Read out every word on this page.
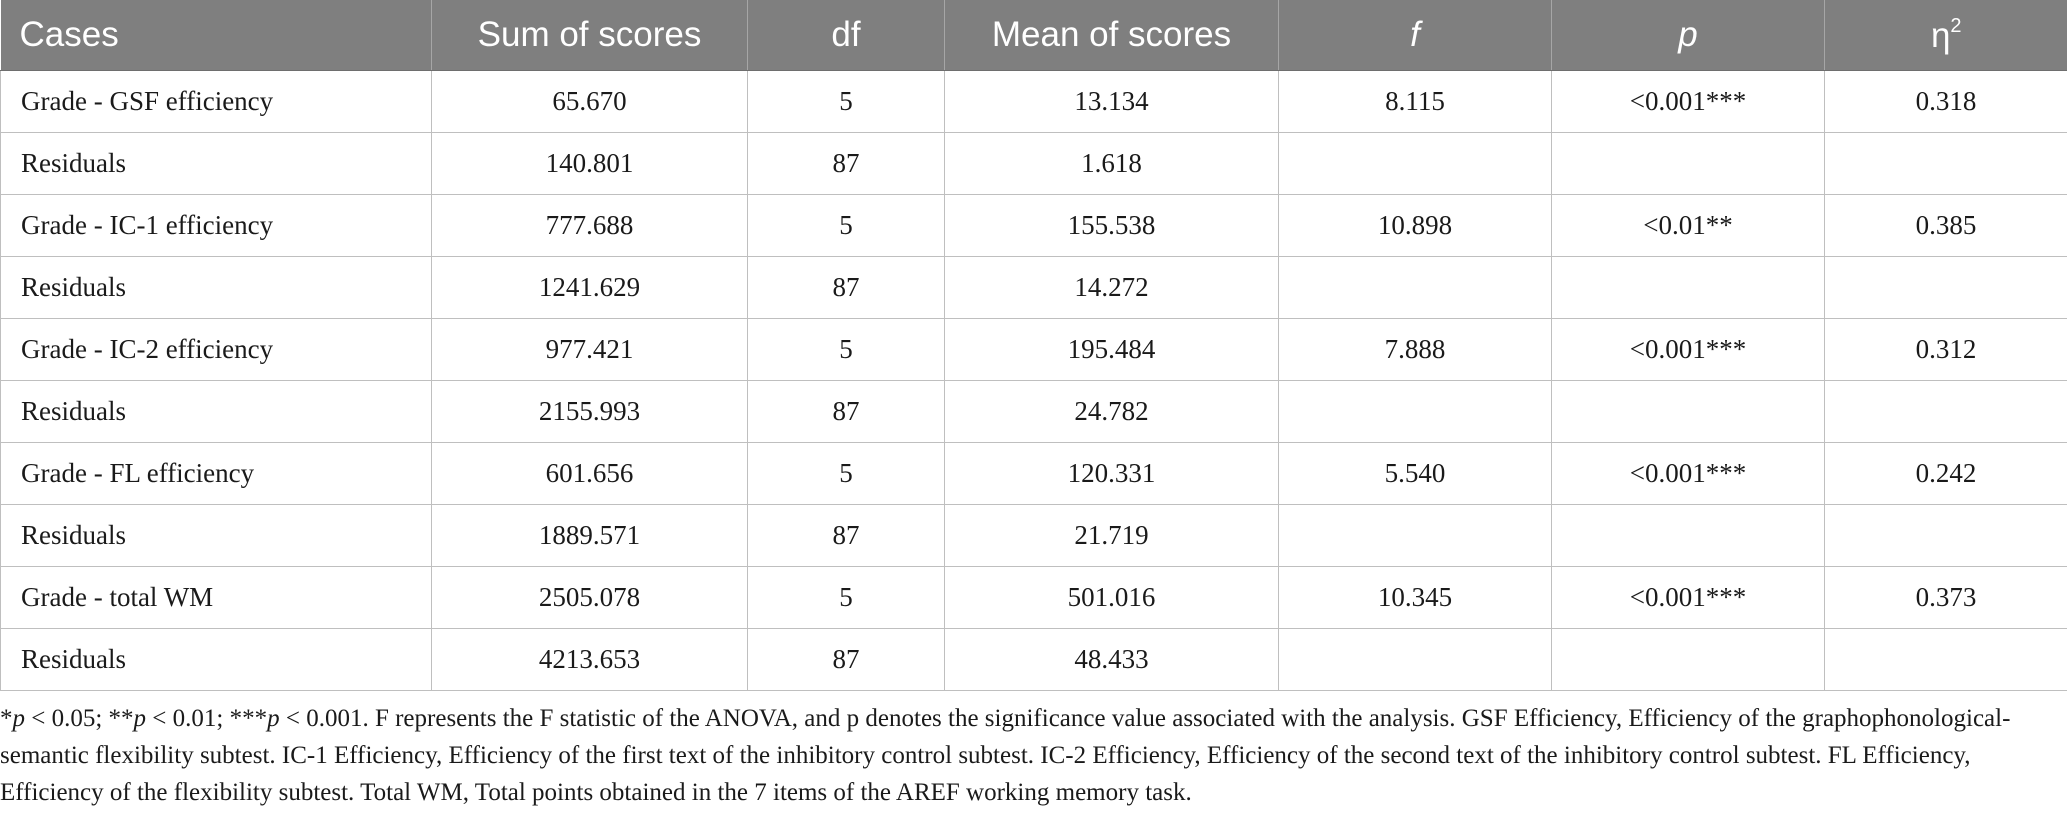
Cases	Sum of scores	df	Mean of scores	f	p	$\eta^2$
Grade - GSF efficiency	65.670	5	13.134	8.115	<0.001***	0.318
Residuals	140.801	87	1.618			
Grade - IC-1 efficiency	777.688	5	155.538	10.898	<0.01**	0.385
Residuals	1241.629	87	14.272			
Grade - IC-2 efficiency	977.421	5	195.484	7.888	<0.001***	0.312
Residuals	2155.993	87	24.782			
Grade - FL efficiency	601.656	5	120.331	5.540	<0.001***	0.242
Residuals	1889.571	87	21.719			
Grade - total WM	2505.078	5	501.016	10.345	<0.001***	0.373
Residuals	4213.653	87	48.433			
*p < 0.05; **p < 0.01; ***p < 0.001. F represents the F statistic of the ANOVA, and p denotes the significance value associated with the analysis. GSF Efficiency, Efficiency of the graphophonological-semantic flexibility subtest. IC-1 Efficiency, Efficiency of the first text of the inhibitory control subtest. IC-2 Efficiency, Efficiency of the second text of the inhibitory control subtest. FL Efficiency, Efficiency of the flexibility subtest. Total WM, Total points obtained in the 7 items of the AREF working memory task.
